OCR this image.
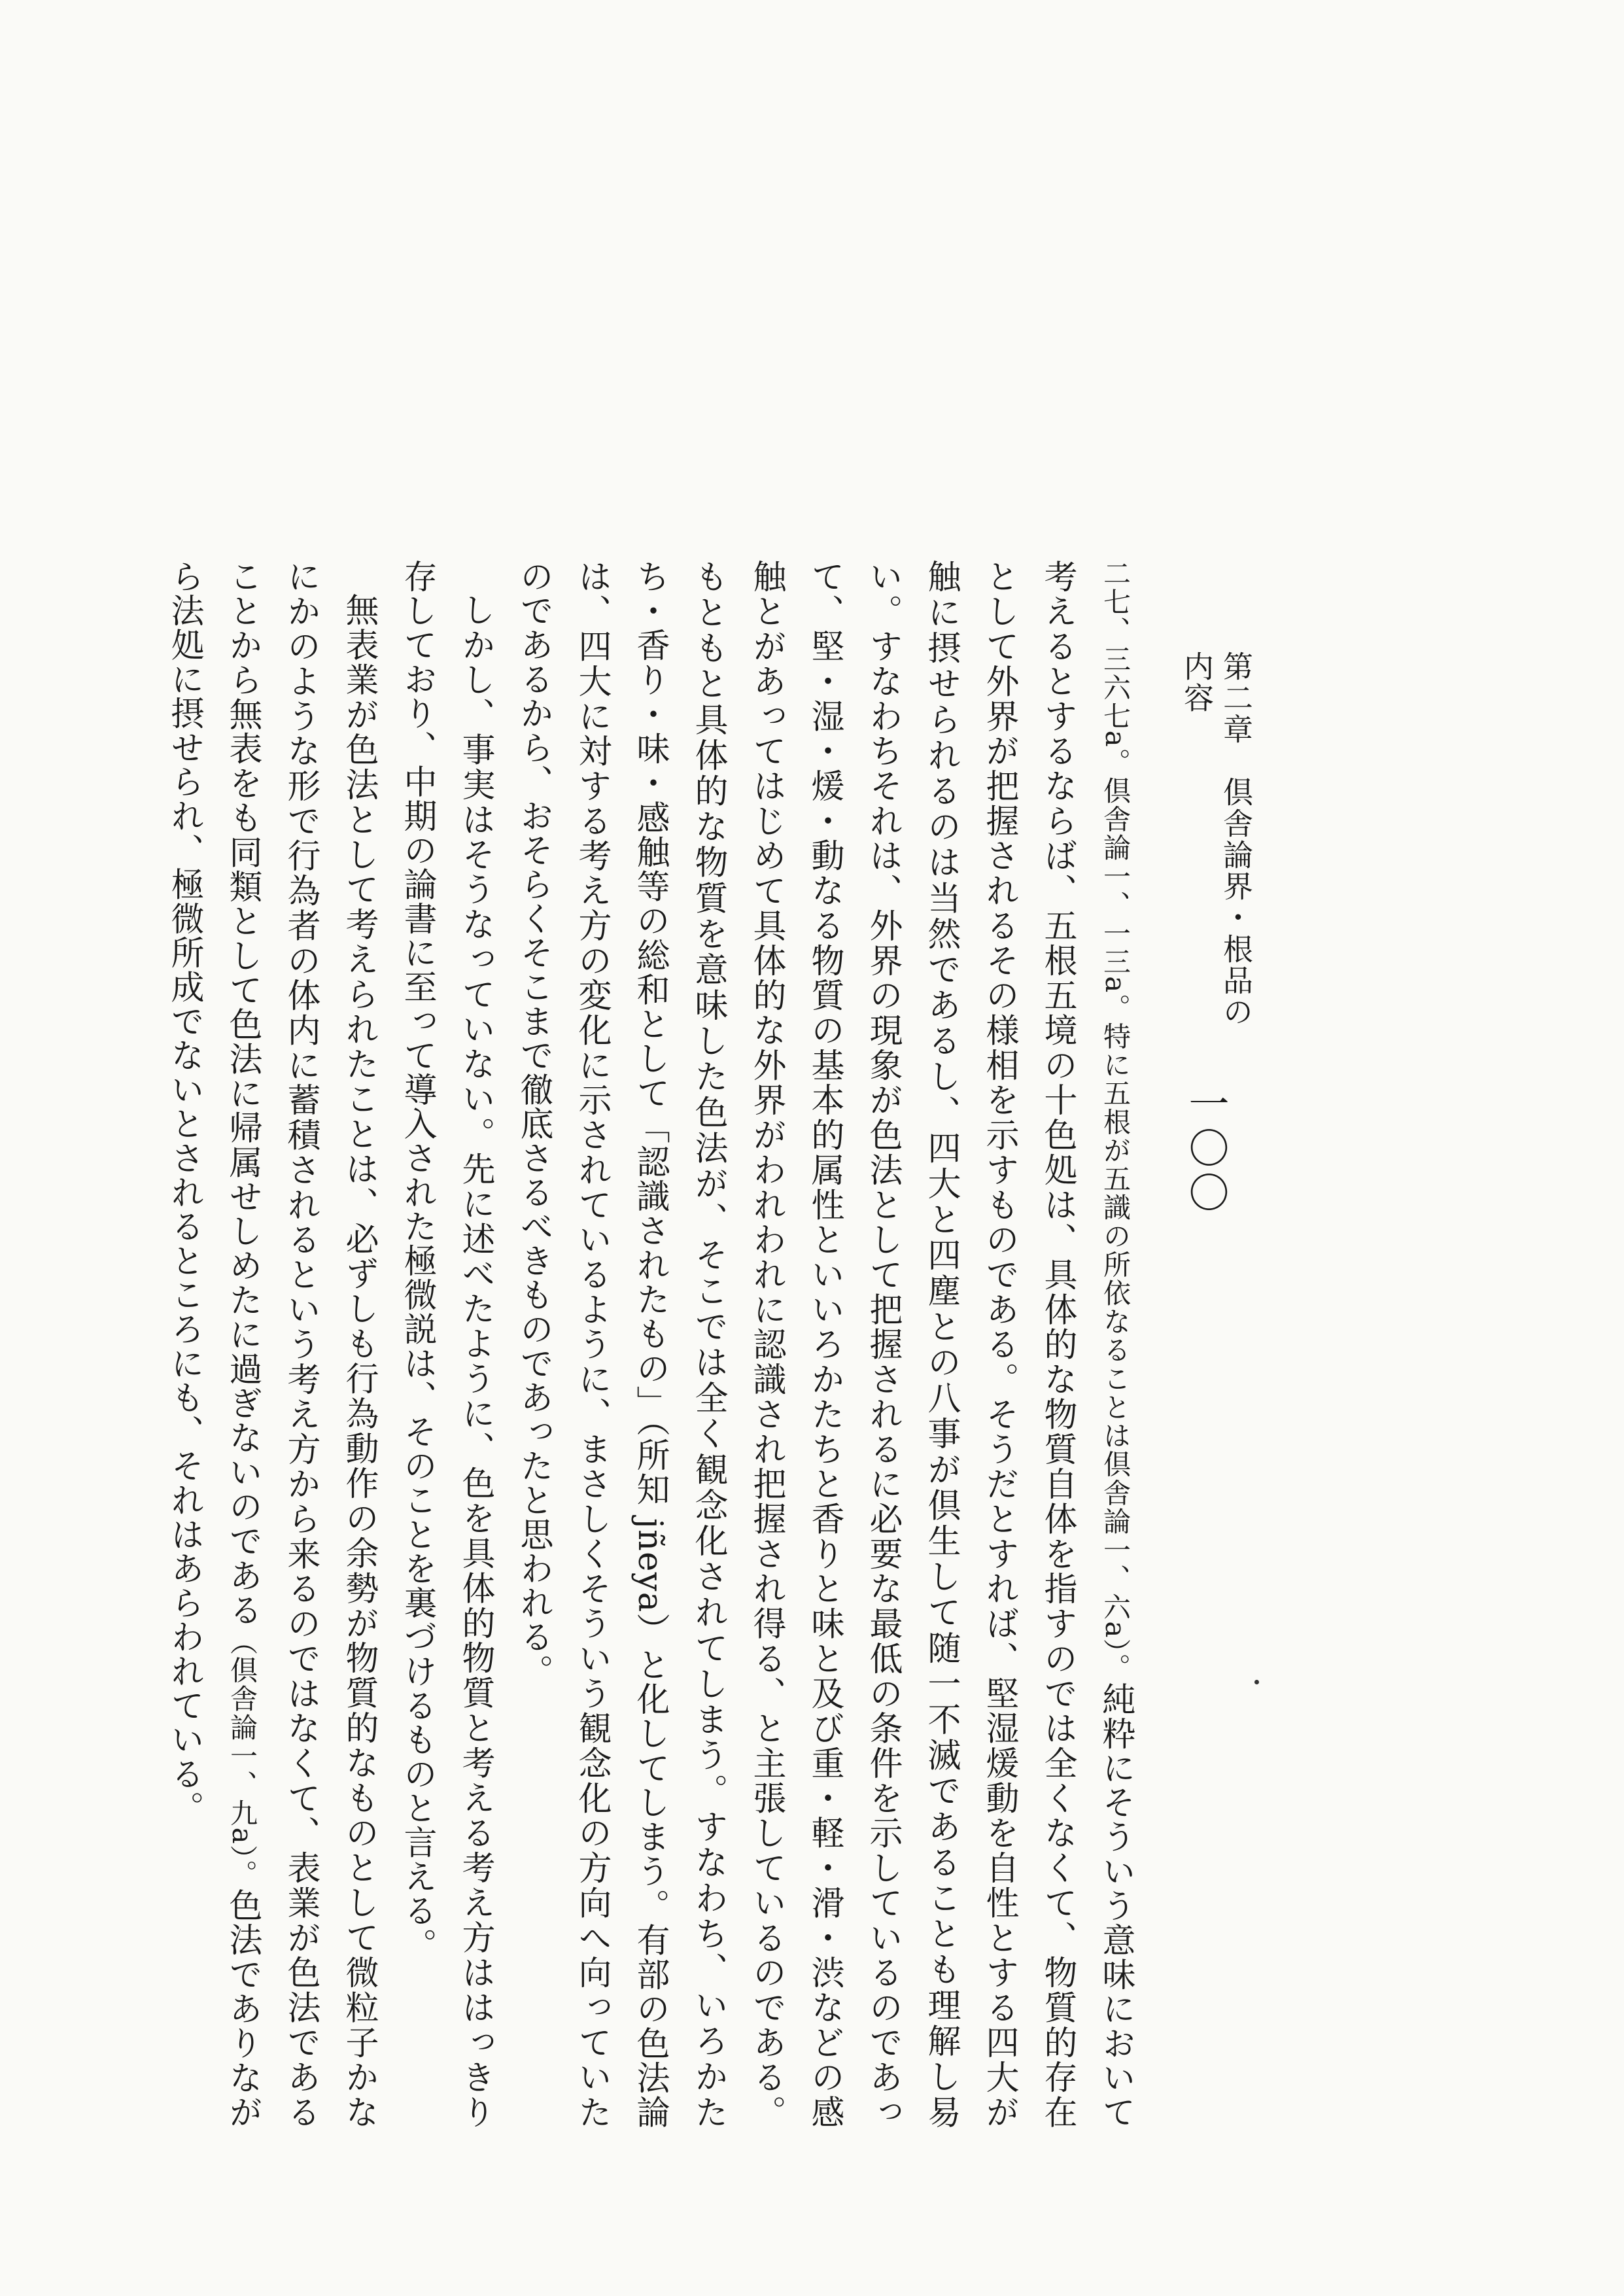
第二章　倶舎論界・根品の内容
一〇〇

二七、三六七a。倶舎論一、一三a。特に五根が五識の所依なることは倶舎論一、六a）。純粋にそういう意味において考えるとするならば、五根五境の十色処は、具体的な物質自体を指すのでは全くなくて、物質的存在として外界が把握されるその様相を示すものである。そうだとすれば、堅湿煖動を自性とする四大が触に摂せられるのは当然であるし、四大と四塵との八事が倶生して随一不滅であることも理解し易い。すなわちそれは、外界の現象が色法として把握されるに必要な最低の条件を示しているのであって、堅・湿・煖・動なる物質の基本的属性といいろかたちと香りと味と及び重・軽・滑・渋などの感触とがあってはじめて具体的な外界がわれわれに認識され把握され得る、と主張しているのである。もともと具体的な物質を意味した色法が、そこでは全く観念化されてしまう。すなわち、いろかたち・香り・味・感触等の総和として「認識されたもの」（所知 jñeya）と化してしまう。有部の色法論は、四大に対する考え方の変化に示されているように、まさしくそういう観念化の方向へ向っていたのであるから、おそらくそこまで徹底さるべきものであったと思われる。

しかし、事実はそうなっていない。先に述べたように、色を具体的物質と考える考え方ははっきり存しており、中期の論書に至って導入された極微説は、そのことを裏づけるものと言える。

無表業が色法として考えられたことは、必ずしも行為動作の余勢が物質的なものとして微粒子かなにかのような形で行為者の体内に蓄積されるという考え方から来るのではなくて、表業が色法であることから無表をも同類として色法に帰属せしめたに過ぎないのである（倶舎論一、九a）。色法でありながら法処に摂せられ、極微所成でないとされるところにも、それはあらわれている。
